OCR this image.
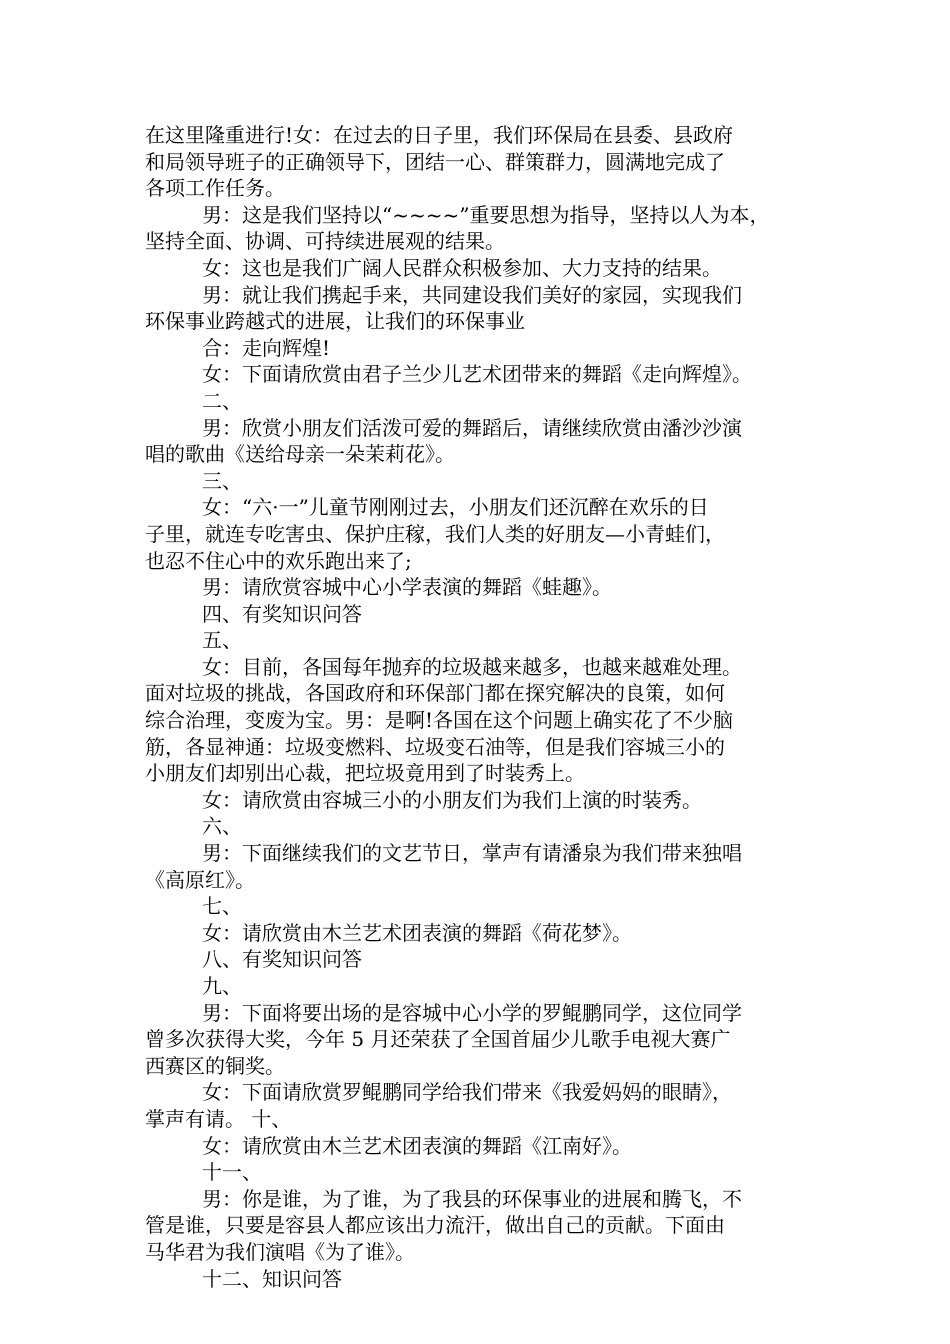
在这里隆重进行!女：在过去的日子里，我们环保局在县委、县政府
和局领导班子的正确领导下，团结一心、群策群力，圆满地完成了
各项工作任务。
男：这是我们坚持以“~~~~”重要思想为指导，坚持以人为本，
坚持全面、协调、可持续进展观的结果。
女：这也是我们广阔人民群众积极参加、大力支持的结果。
男：就让我们携起手来，共同建设我们美好的家园，实现我们
环保事业跨越式的进展，让我们的环保事业
合：走向辉煌!
女：下面请欣赏由君子兰少儿艺术团带来的舞蹈《走向辉煌》。
二、
男：欣赏小朋友们活泼可爱的舞蹈后，请继续欣赏由潘沙沙演
唱的歌曲《送给母亲一朵茉莉花》。
三、
女：“六·一”儿童节刚刚过去，小朋友们还沉醉在欢乐的日
子里，就连专吃害虫、保护庄稼，我们人类的好朋友—小青蛙们，
也忍不住心中的欢乐跑出来了;
男：请欣赏容城中心小学表演的舞蹈《蛙趣》。
四、有奖知识问答
五、
女：目前，各国每年抛弃的垃圾越来越多，也越来越难处理。
面对垃圾的挑战，各国政府和环保部门都在探究解决的良策，如何
综合治理，变废为宝。男：是啊!各国在这个问题上确实花了不少脑
筋，各显神通：垃圾变燃料、垃圾变石油等，但是我们容城三小的
小朋友们却别出心裁，把垃圾竟用到了时装秀上。
女：请欣赏由容城三小的小朋友们为我们上演的时装秀。
六、
男：下面继续我们的文艺节日，掌声有请潘泉为我们带来独唱
《高原红》。
七、
女：请欣赏由木兰艺术团表演的舞蹈《荷花梦》。
八、有奖知识问答
九、
男：下面将要出场的是容城中心小学的罗鲲鹏同学，这位同学
曾多次获得大奖，今年 5 月还荣获了全国首届少儿歌手电视大赛广
西赛区的铜奖。
女：下面请欣赏罗鲲鹏同学给我们带来《我爱妈妈的眼睛》，
掌声有请。 十、
女：请欣赏由木兰艺术团表演的舞蹈《江南好》。
十一、
男：你是谁，为了谁，为了我县的环保事业的进展和腾飞，不
管是谁，只要是容县人都应该出力流汗，做出自己的贡献。下面由
马华君为我们演唱《为了谁》。
十二、知识问答
